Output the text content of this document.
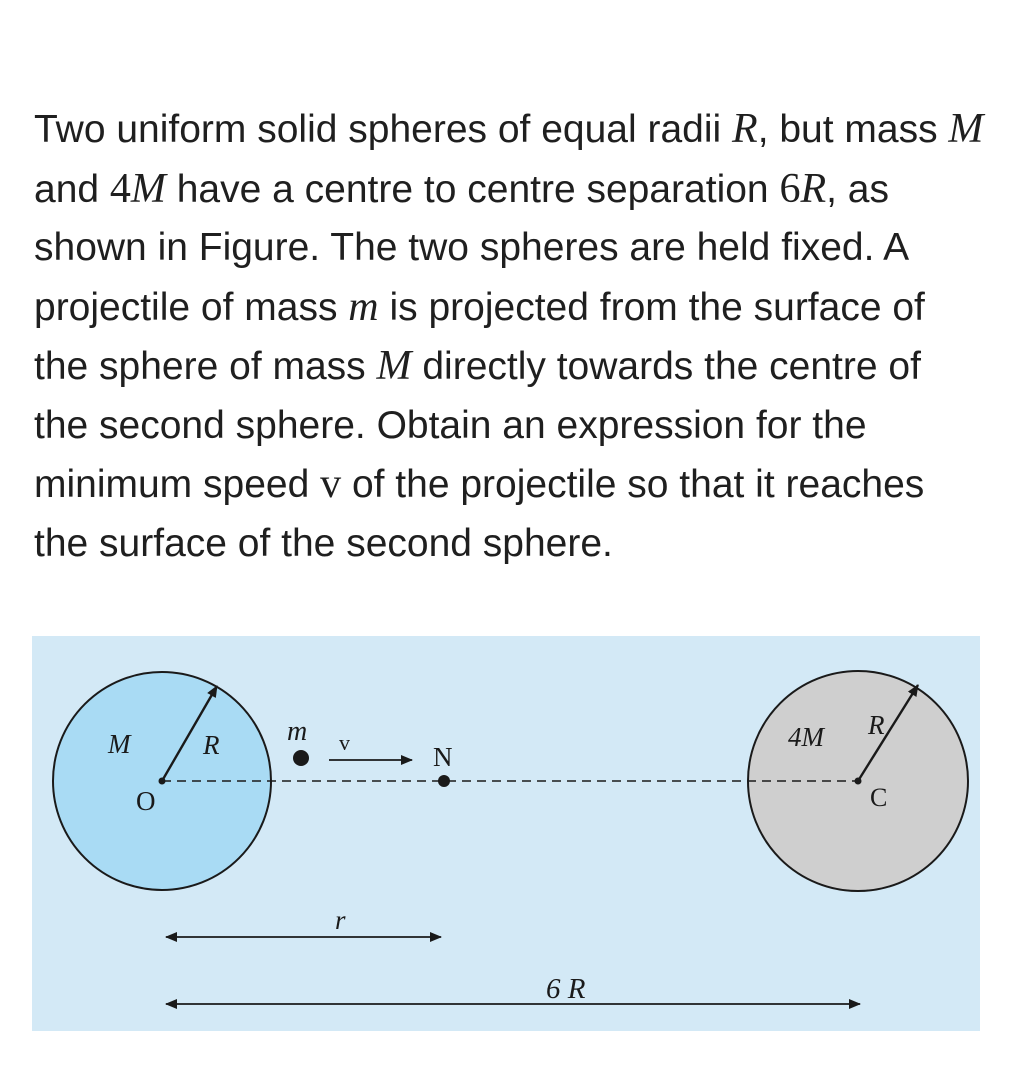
Two uniform solid spheres of equal radii R, but mass M and 4M have a centre to centre separation 6R, as shown in Figure. The two spheres are held fixed. A projectile of mass m is projected from the surface of the sphere of mass M directly towards the centre of the second sphere. Obtain an expression for the minimum speed v of the projectile so that it reaches the surface of the second sphere.

M	R
O
m v	N
4M R
C
r
6 R
